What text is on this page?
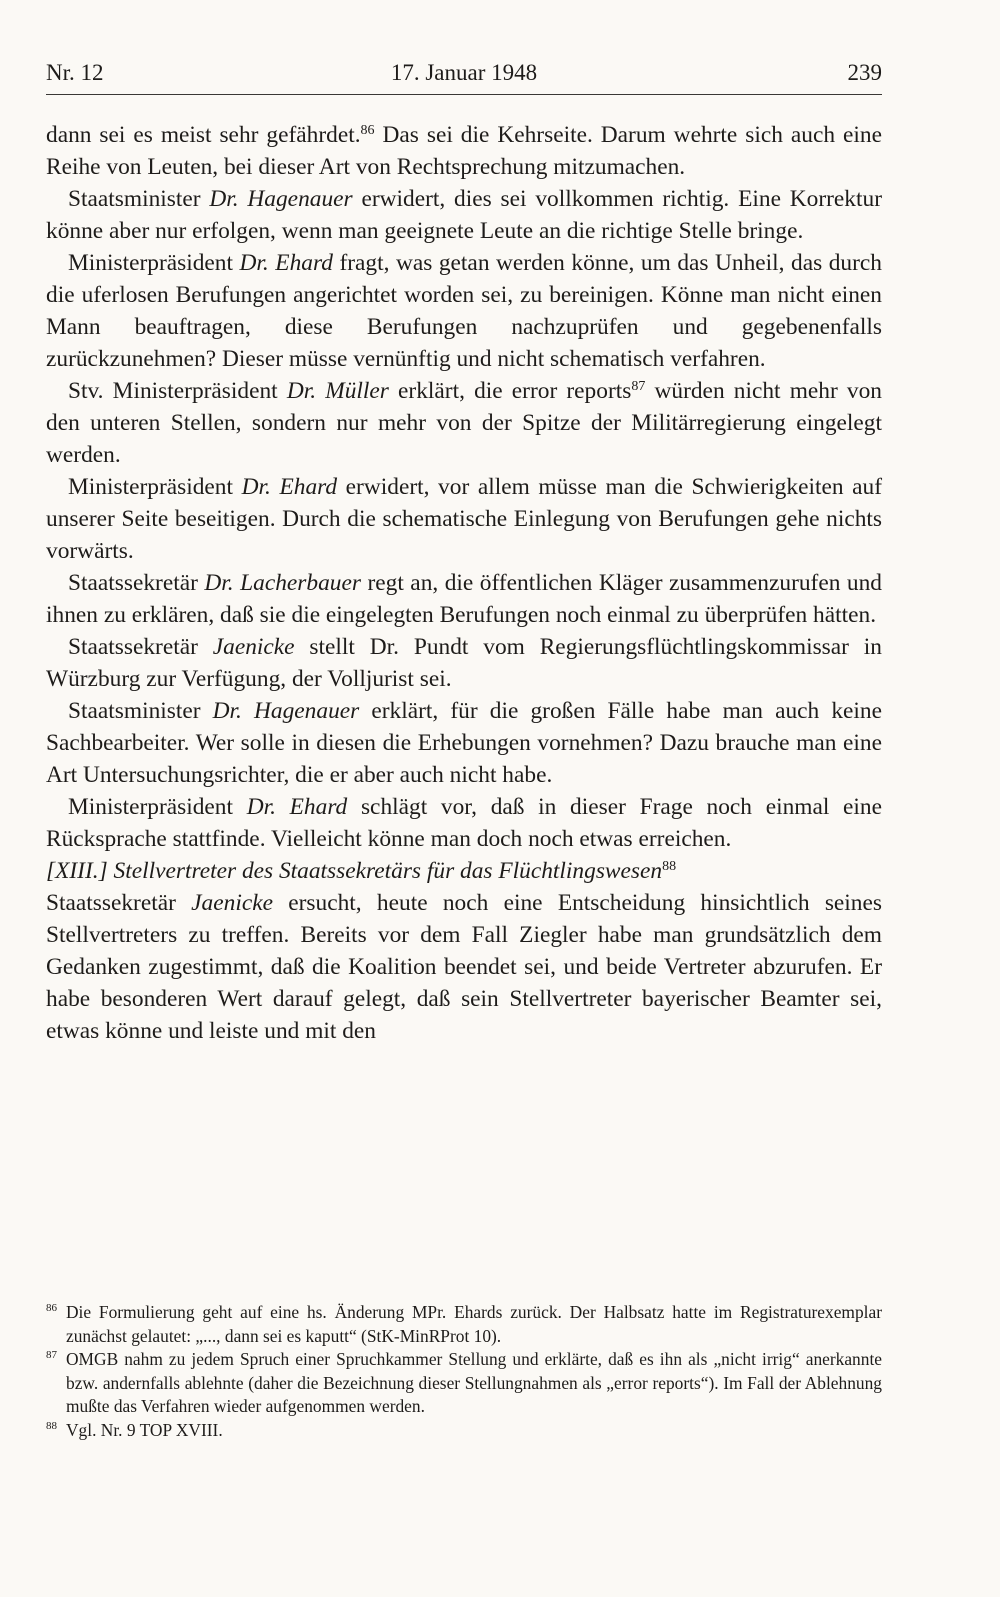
Nr. 12	17. Januar 1948	239

dann sei es meist sehr gefährdet.$^{86}$ Das sei die Kehrseite. Darum wehrte sich auch eine Reihe von Leuten, bei dieser Art von Rechtsprechung mitzumachen.

Staatsminister Dr. Hagenauer erwidert, dies sei vollkommen richtig. Eine Korrektur könne aber nur erfolgen, wenn man geeignete Leute an die richtige Stelle bringe.

Ministerpräsident Dr. Ehard fragt, was getan werden könne, um das Unheil, das durch die uferlosen Berufungen angerichtet worden sei, zu bereinigen. Könne man nicht einen Mann beauftragen, diese Berufungen nachzuprüfen und gegebenenfalls zurückzunehmen? Dieser müsse vernünftig und nicht schematisch verfahren.

Stv. Ministerpräsident Dr. Müller erklärt, die error reports$^{87}$ würden nicht mehr von den unteren Stellen, sondern nur mehr von der Spitze der Militärregierung eingelegt werden.

Ministerpräsident Dr. Ehard erwidert, vor allem müsse man die Schwierigkeiten auf unserer Seite beseitigen. Durch die schematische Einlegung von Berufungen gehe nichts vorwärts.

Staatssekretär Dr. Lacherbauer regt an, die öffentlichen Kläger zusammenzurufen und ihnen zu erklären, daß sie die eingelegten Berufungen noch einmal zu überprüfen hätten.

Staatssekretär Jaenicke stellt Dr. Pundt vom Regierungsflüchtlingskommissar in Würzburg zur Verfügung, der Volljurist sei.

Staatsminister Dr. Hagenauer erklärt, für die großen Fälle habe man auch keine Sachbearbeiter. Wer solle in diesen die Erhebungen vornehmen? Dazu brauche man eine Art Untersuchungsrichter, die er aber auch nicht habe.

Ministerpräsident Dr. Ehard schlägt vor, daß in dieser Frage noch einmal eine Rücksprache stattfinde. Vielleicht könne man doch noch etwas erreichen.

[XIII.] Stellvertreter des Staatssekretärs für das Flüchtlingswesen$^{88}$

Staatssekretär Jaenicke ersucht, heute noch eine Entscheidung hinsichtlich seines Stellvertreters zu treffen. Bereits vor dem Fall Ziegler habe man grundsätzlich dem Gedanken zugestimmt, daß die Koalition beendet sei, und beide Vertreter abzurufen. Er habe besonderen Wert darauf gelegt, daß sein Stellvertreter bayerischer Beamter sei, etwas könne und leiste und mit den

86 Die Formulierung geht auf eine hs. Änderung MPr. Ehards zurück. Der Halbsatz hatte im Registraturexemplar zunächst gelautet: „..., dann sei es kaputt“ (StK-MinRProt 10).
87 OMGB nahm zu jedem Spruch einer Spruchkammer Stellung und erklärte, daß es ihn als „nicht irrig“ anerkannte bzw. andernfalls ablehnte (daher die Bezeichnung dieser Stellungnahmen als „error reports“). Im Fall der Ablehnung mußte das Verfahren wieder aufgenommen werden.
88 Vgl. Nr. 9 TOP XVIII.
